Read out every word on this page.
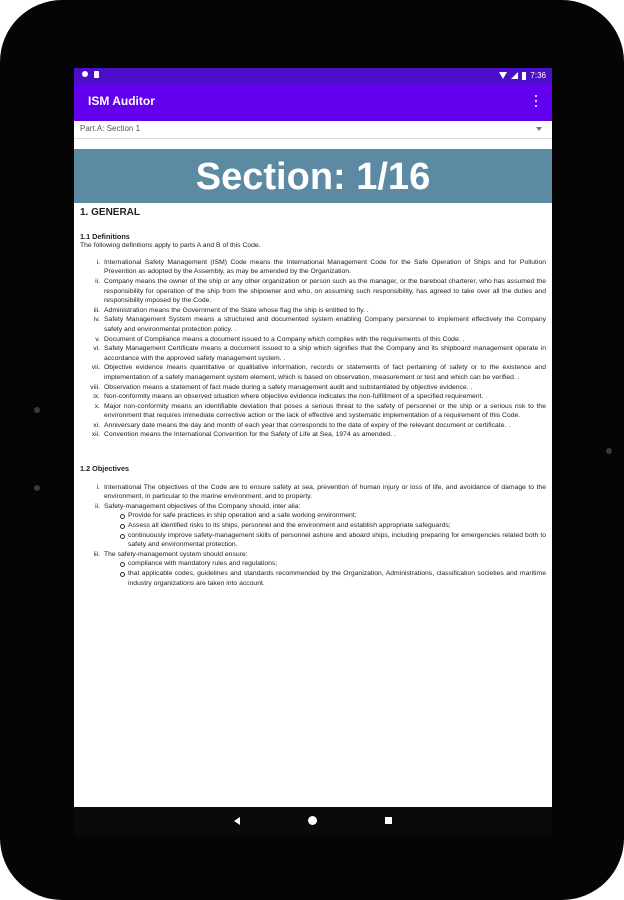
7:36
ISM Auditor
Part.A: Section 1
Section: 1/16
1. GENERAL
1.1 Definitions
The following definitions apply to parts A and B of this Code.
i. International Safety Management (ISM) Code means the International Management Code for the Safe Operation of Ships and for Pollution Prevention as adopted by the Assembly, as may be amended by the Organization.
ii. Company means the owner of the ship or any other organization or person such as the manager, or the bareboat charterer, who has assumed the responsibility for operation of the ship from the shipowner and who, on assuming such responsibility, has agreed to take over all the duties and responsibility imposed by the Code.
iii. Administration means the Government of the State whose flag the ship is entitled to fly. .
iv. Safety Management System means a structured and documented system enabling Company personnel to implement effectively the Company safety and environmental protection policy. .
v. Document of Compliance means a document issued to a Company which complies with the requirements of this Code. .
vi. Safety Management Certificate means a document issued to a ship which signifies that the Company and its shipboard management operate in accordance with the approved safety management system. .
vii. Objective evidence means quantitative or qualitative information, records or statements of fact pertaining of safety or to the existence and implementation of a safety management system element, which is based on observation, measurement or test and which can be verified. .
viii. Observation means a statement of fact made during a safety management audit and substantiated by objective evidence. .
ix. Non-conformity means an observed situation where objective evidence indicates the non-fulfillment of a specified requirement. .
x. Major non-conformity means an identifiable deviation that poses a serious threat to the safety of personnel or the ship or a serious risk to the environment that requires immediate corrective action or the lack of effective and systematic implementation of a requirement of this Code.
xi. Anniversary date means the day and month of each year that corresponds to the date of expiry of the relevant document or certificate. .
xii. Convention means the International Convention for the Safety of Life at Sea, 1974 as amended. .
1.2 Objectives
i. International The objectives of the Code are to ensure safety at sea, prevention of human injury or loss of life, and avoidance of damage to the environment, in particular to the marine environment, and to property.
ii. Safety-management objectives of the Company should, inter alia:
Provide for safe practices in ship operation and a safe working environment;
Assess all identified risks to its ships, personnel and the environment and establish appropriate safeguards;
continuously improve safety-management skills of personnel ashore and aboard ships, including preparing for emergencies related both to safety and environmental protection.
iii. The safety-management system should ensure:
compliance with mandatory rules and regulations;
that applicable codes, guidelines and standards recommended by the Organization, Administrations, classification societies and maritime industry organizations are taken into account.
